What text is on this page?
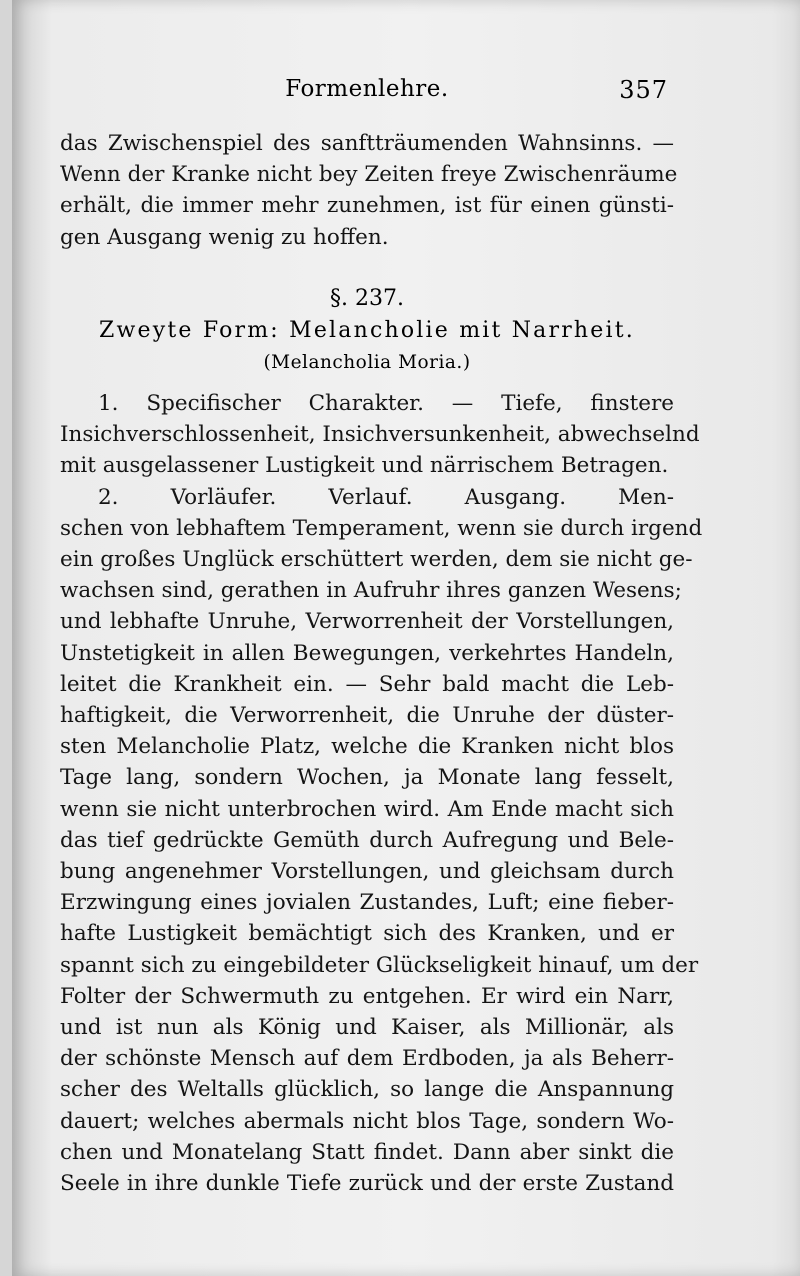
Formenlehre.	357
das Zwischenspiel des sanftträumenden Wahnsinns. —
Wenn der Kranke nicht bey Zeiten freye Zwischenräume
erhält, die immer mehr zunehmen, ist für einen günsti-
gen Ausgang wenig zu hoffen.
§. 237.
Zweyte Form: Melancholie mit Narrheit.
(Melancholia Moria.)
1. Specifischer Charakter. — Tiefe, finstere
Insichverschlossenheit, Insichversunkenheit, abwechselnd
mit ausgelassener Lustigkeit und närrischem Betragen.
2. Vorläufer. Verlauf. Ausgang. Men-
schen von lebhaftem Temperament, wenn sie durch irgend
ein großes Unglück erschüttert werden, dem sie nicht ge-
wachsen sind, gerathen in Aufruhr ihres ganzen Wesens;
und lebhafte Unruhe, Verworrenheit der Vorstellungen,
Unstetigkeit in allen Bewegungen, verkehrtes Handeln,
leitet die Krankheit ein. — Sehr bald macht die Leb-
haftigkeit, die Verworrenheit, die Unruhe der düster-
sten Melancholie Platz, welche die Kranken nicht blos
Tage lang, sondern Wochen, ja Monate lang fesselt,
wenn sie nicht unterbrochen wird. Am Ende macht sich
das tief gedrückte Gemüth durch Aufregung und Bele-
bung angenehmer Vorstellungen, und gleichsam durch
Erzwingung eines jovialen Zustandes, Luft; eine fieber-
hafte Lustigkeit bemächtigt sich des Kranken, und er
spannt sich zu eingebildeter Glückseligkeit hinauf, um der
Folter der Schwermuth zu entgehen. Er wird ein Narr,
und ist nun als König und Kaiser, als Millionär, als
der schönste Mensch auf dem Erdboden, ja als Beherr-
scher des Weltalls glücklich, so lange die Anspannung
dauert; welches abermals nicht blos Tage, sondern Wo-
chen und Monatelang Statt findet. Dann aber sinkt die
Seele in ihre dunkle Tiefe zurück und der erste Zustand
